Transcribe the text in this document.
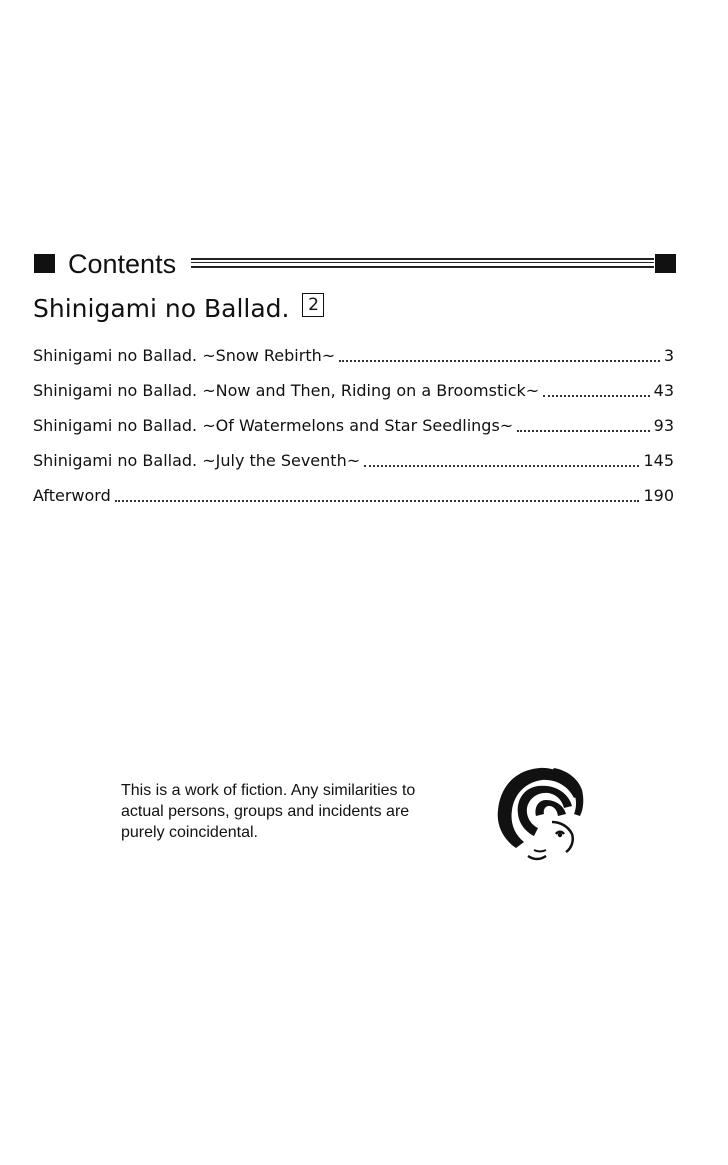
Contents
Shinigami no Ballad.	2
Shinigami no Ballad. ~Snow Rebirth~	3
Shinigami no Ballad. ~Now and Then, Riding on a Broomstick~	43
Shinigami no Ballad. ~Of Watermelons and Star Seedlings~	93
Shinigami no Ballad. ~July the Seventh~	145
Afterword	190
This is a work of fiction. Any similarities to
actual persons, groups and incidents are
purely coincidental.
